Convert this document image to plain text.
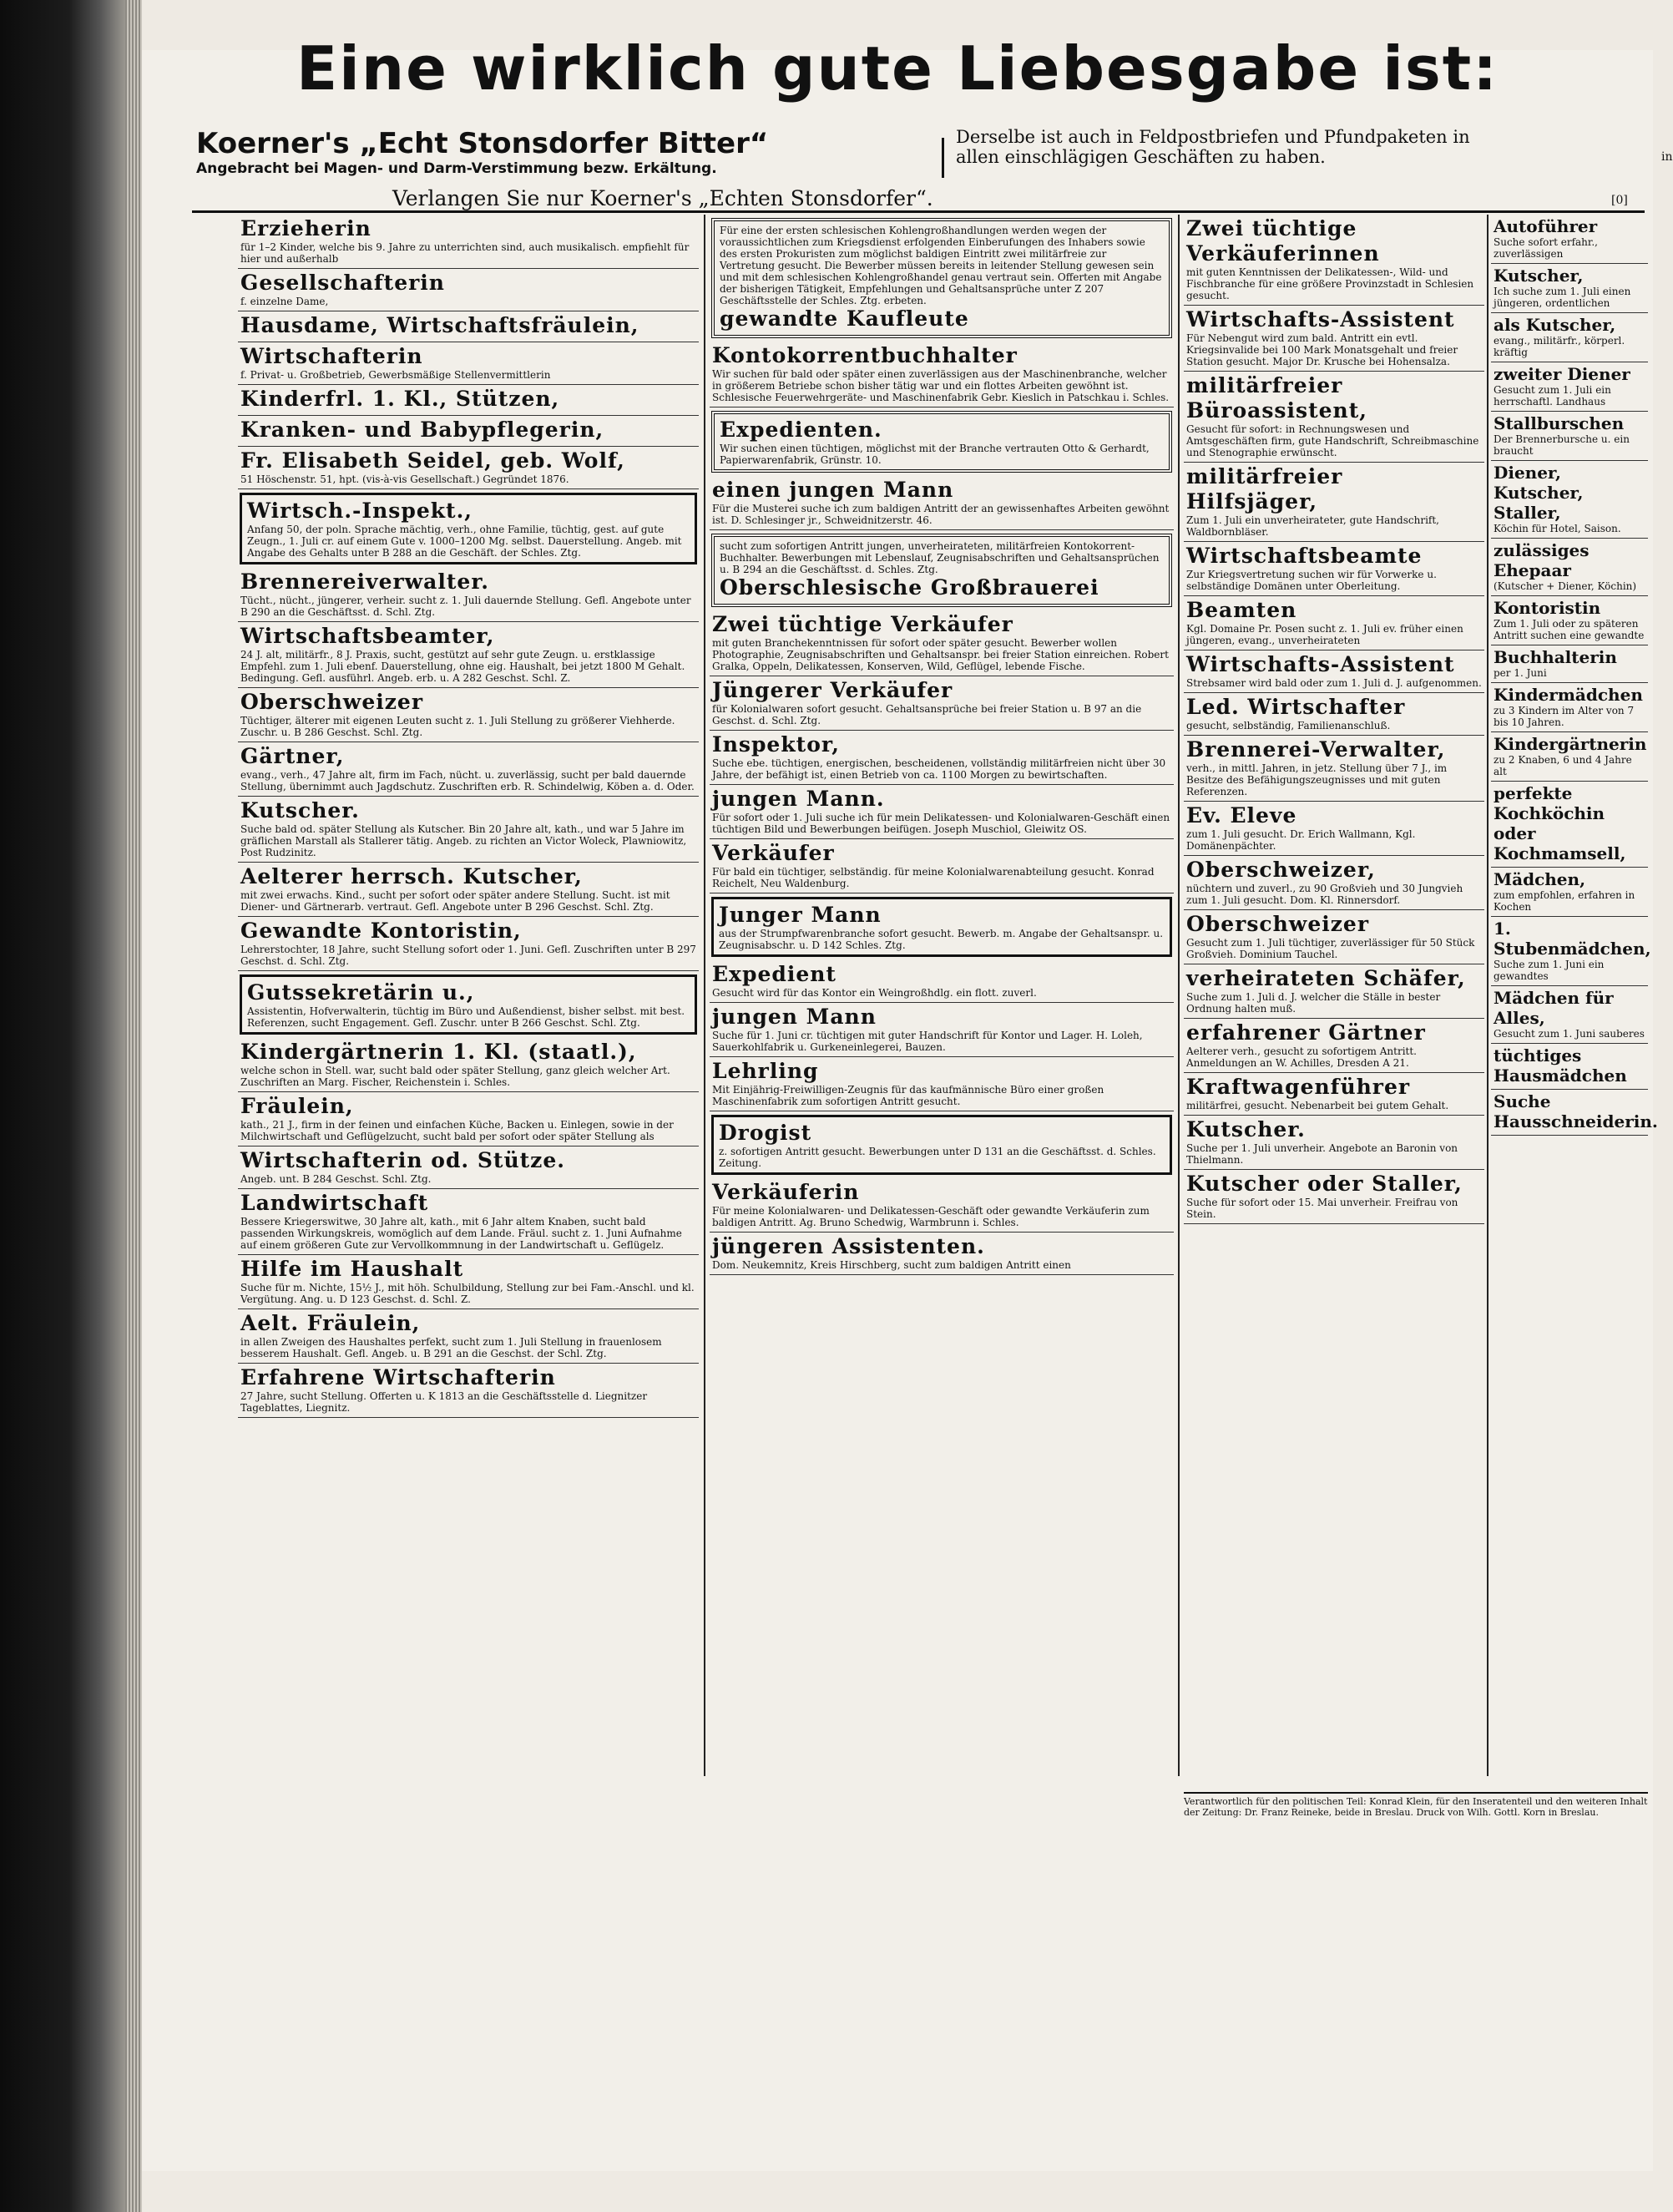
Eine wirklich gute Liebesgabe ist:
Koerner's „Echt Stonsdorfer Bitter“
Angebracht bei Magen- und Darm-Verstimmung bezw. Erkältung.
Derselbe ist auch in Feldpostbriefen und Pfundpaketen in
allen einschlägigen Geschäften zu haben.
Verlangen Sie nur Koerner's „Echten Stonsdorfer“.
in
[0]
Erzieherin
für 1–2 Kinder, welche bis 9. Jahre zu unterrichten sind, auch musikalisch. empfiehlt für hier und außerhalb
Gesellschafterin
f. einzelne Dame,
Hausdame, Wirtschaftsfräulein,
Wirtschafterin
f. Privat- u. Großbetrieb, Gewerbsmäßige Stellenvermittlerin
Kinderfrl. 1. Kl., Stützen,
Kranken- und Babypflegerin,
Fr. Elisabeth Seidel, geb. Wolf,
51 Höschenstr. 51, hpt. (vis-à-vis Gesellschaft.) Gegründet 1876.
Wirtsch.-Inspekt.,
Anfang 50, der poln. Sprache mächtig, verh., ohne Familie, tüchtig, gest. auf gute Zeugn., 1. Juli cr. auf einem Gute v. 1000–1200 Mg. selbst. Dauerstellung. Angeb. mit Angabe des Gehalts unter B 288 an die Geschäft. der Schles. Ztg.
Brennereiverwalter.
Tücht., nücht., jüngerer, verheir. sucht z. 1. Juli dauernde Stellung. Gefl. Angebote unter B 290 an die Geschäftsst. d. Schl. Ztg.
Wirtschaftsbeamter,
24 J. alt, militärfr., 8 J. Praxis, sucht, gestützt auf sehr gute Zeugn. u. erstklassige Empfehl. zum 1. Juli ebenf. Dauerstellung, ohne eig. Haushalt, bei jetzt 1800 M Gehalt. Bedingung. Gefl. ausführl. Angeb. erb. u. A 282 Geschst. Schl. Z.
Oberschweizer
Tüchtiger, älterer mit eigenen Leuten sucht z. 1. Juli Stellung zu größerer Viehherde. Zuschr. u. B 286 Geschst. Schl. Ztg.
Gärtner,
evang., verh., 47 Jahre alt, firm im Fach, nücht. u. zuverlässig, sucht per bald dauernde Stellung, übernimmt auch Jagdschutz. Zuschriften erb. R. Schindelwig, Köben a. d. Oder.
Kutscher.
Suche bald od. später Stellung als Kutscher. Bin 20 Jahre alt, kath., und war 5 Jahre im gräflichen Marstall als Stallerer tätig. Angeb. zu richten an Victor Woleck, Plawniowitz, Post Rudzinitz.
Aelterer herrsch. Kutscher,
mit zwei erwachs. Kind., sucht per sofort oder später andere Stellung. Sucht. ist mit Diener- und Gärtnerarb. vertraut. Gefl. Angebote unter B 296 Geschst. Schl. Ztg.
Gewandte Kontoristin,
Lehrerstochter, 18 Jahre, sucht Stellung sofort oder 1. Juni. Gefl. Zuschriften unter B 297 Geschst. d. Schl. Ztg.
Gutssekretärin u.,
Assistentin, Hofverwalterin, tüchtig im Büro und Außendienst, bisher selbst. mit best. Referenzen, sucht Engagement. Gefl. Zuschr. unter B 266 Geschst. Schl. Ztg.
Kindergärtnerin 1. Kl. (staatl.),
welche schon in Stell. war, sucht bald oder später Stellung, ganz gleich welcher Art. Zuschriften an Marg. Fischer, Reichenstein i. Schles.
Fräulein,
kath., 21 J., firm in der feinen und einfachen Küche, Backen u. Einlegen, sowie in der Milchwirtschaft und Geflügelzucht, sucht bald per sofort oder später Stellung als
Wirtschafterin od. Stütze.
Angeb. unt. B 284 Geschst. Schl. Ztg.
Landwirtschaft
Bessere Kriegerswitwe, 30 Jahre alt, kath., mit 6 Jahr altem Knaben, sucht bald passenden Wirkungskreis, womöglich auf dem Lande. Fräul. sucht z. 1. Juni Aufnahme auf einem größeren Gute zur Vervollkommnung in der Landwirtschaft u. Geflügelz.
Hilfe im Haushalt
Suche für m. Nichte, 15½ J., mit höh. Schulbildung, Stellung zur bei Fam.-Anschl. und kl. Vergütung. Ang. u. D 123 Geschst. d. Schl. Z.
Aelt. Fräulein,
in allen Zweigen des Haushaltes perfekt, sucht zum 1. Juli Stellung in frauenlosem besserem Haushalt. Gefl. Angeb. u. B 291 an die Geschst. der Schl. Ztg.
Erfahrene Wirtschafterin
27 Jahre, sucht Stellung. Offerten u. K 1813 an die Geschäftsstelle d. Liegnitzer Tageblattes, Liegnitz.
Für eine der ersten schlesischen Kohlengroßhandlungen werden wegen der voraussichtlichen zum Kriegsdienst erfolgenden Einberufungen des Inhabers sowie des ersten Prokuristen zum möglichst baldigen Eintritt zwei militärfreie zur Vertretung gesucht. Die Bewerber müssen bereits in leitender Stellung gewesen sein und mit dem schlesischen Kohlengroßhandel genau vertraut sein. Offerten mit Angabe der bisherigen Tätigkeit, Empfehlungen und Gehaltsansprüche unter Z 207 Geschäftsstelle der Schles. Ztg. erbeten.
gewandte Kaufleute
Kontokorrentbuchhalter
Wir suchen für bald oder später einen zuverlässigen aus der Maschinenbranche, welcher in größerem Betriebe schon bisher tätig war und ein flottes Arbeiten gewöhnt ist. Schlesische Feuerwehrgeräte- und Maschinenfabrik Gebr. Kieslich in Patschkau i. Schles.
Expedienten.
Wir suchen einen tüchtigen, möglichst mit der Branche vertrauten Otto & Gerhardt, Papierwarenfabrik, Grünstr. 10.
einen jungen Mann
Für die Musterei suche ich zum baldigen Antritt der an gewissenhaftes Arbeiten gewöhnt ist. D. Schlesinger jr., Schweidnitzerstr. 46.
sucht zum sofortigen Antritt jungen, unverheirateten, militärfreien Kontokorrent-Buchhalter. Bewerbungen mit Lebenslauf, Zeugnisabschriften und Gehaltsansprüchen u. B 294 an die Geschäftsst. d. Schles. Ztg.
Oberschlesische Großbrauerei
Zwei tüchtige Verkäufer
mit guten Branchekenntnissen für sofort oder später gesucht. Bewerber wollen Photographie, Zeugnisabschriften und Gehaltsanspr. bei freier Station einreichen. Robert Gralka, Oppeln, Delikatessen, Konserven, Wild, Geflügel, lebende Fische.
Jüngerer Verkäufer
für Kolonialwaren sofort gesucht. Gehaltsansprüche bei freier Station u. B 97 an die Geschst. d. Schl. Ztg.
Inspektor,
Suche ebe. tüchtigen, energischen, bescheidenen, vollständig militärfreien nicht über 30 Jahre, der befähigt ist, einen Betrieb von ca. 1100 Morgen zu bewirtschaften.
jungen Mann.
Für sofort oder 1. Juli suche ich für mein Delikatessen- und Kolonialwaren-Geschäft einen tüchtigen Bild und Bewerbungen beifügen. Joseph Muschiol, Gleiwitz OS.
Verkäufer
Für bald ein tüchtiger, selbständig. für meine Kolonialwarenabteilung gesucht. Konrad Reichelt, Neu Waldenburg.
Junger Mann
aus der Strumpfwarenbranche sofort gesucht. Bewerb. m. Angabe der Gehaltsanspr. u. Zeugnisabschr. u. D 142 Schles. Ztg.
Expedient
Gesucht wird für das Kontor ein Weingroßhdlg. ein flott. zuverl.
jungen Mann
Suche für 1. Juni cr. tüchtigen mit guter Handschrift für Kontor und Lager. H. Loleh, Sauerkohlfabrik u. Gurkeneinlegerei, Bauzen.
Lehrling
Mit Einjährig-Freiwilligen-Zeugnis für das kaufmännische Büro einer großen Maschinenfabrik zum sofortigen Antritt gesucht.
Drogist
z. sofortigen Antritt gesucht. Bewerbungen unter D 131 an die Geschäftsst. d. Schles. Zeitung.
Verkäuferin
Für meine Kolonialwaren- und Delikatessen-Geschäft oder gewandte Verkäuferin zum baldigen Antritt. Ag. Bruno Schedwig, Warmbrunn i. Schles.
jüngeren Assistenten.
Dom. Neukemnitz, Kreis Hirschberg, sucht zum baldigen Antritt einen
Zwei tüchtige Verkäuferinnen
mit guten Kenntnissen der Delikatessen-, Wild- und Fischbranche für eine größere Provinzstadt in Schlesien gesucht.
Wirtschafts-Assistent
Für Nebengut wird zum bald. Antritt ein evtl. Kriegsinvalide bei 100 Mark Monatsgehalt und freier Station gesucht. Major Dr. Krusche bei Hohensalza.
militärfreier Büroassistent,
Gesucht für sofort: in Rechnungswesen und Amtsgeschäften firm, gute Handschrift, Schreibmaschine und Stenographie erwünscht.
militärfreier Hilfsjäger,
Zum 1. Juli ein unverheirateter, gute Handschrift, Waldbornbläser.
Wirtschaftsbeamte
Zur Kriegsvertretung suchen wir für Vorwerke u. selbständige Domänen unter Oberleitung.
Beamten
Kgl. Domaine Pr. Posen sucht z. 1. Juli ev. früher einen jüngeren, evang., unverheirateten
Wirtschafts-Assistent
Strebsamer wird bald oder zum 1. Juli d. J. aufgenommen.
Led. Wirtschafter
gesucht, selbständig, Familienanschluß.
Brennerei-Verwalter,
verh., in mittl. Jahren, in jetz. Stellung über 7 J., im Besitze des Befähigungszeugnisses und mit guten Referenzen.
Ev. Eleve
zum 1. Juli gesucht. Dr. Erich Wallmann, Kgl. Domänenpächter.
Oberschweizer,
nüchtern und zuverl., zu 90 Großvieh und 30 Jungvieh zum 1. Juli gesucht. Dom. Kl. Rinnersdorf.
Oberschweizer
Gesucht zum 1. Juli tüchtiger, zuverlässiger für 50 Stück Großvieh. Dominium Tauchel.
verheirateten Schäfer,
Suche zum 1. Juli d. J. welcher die Ställe in bester Ordnung halten muß.
erfahrener Gärtner
Aelterer verh., gesucht zu sofortigem Antritt. Anmeldungen an W. Achilles, Dresden A 21.
Kraftwagenführer
militärfrei, gesucht. Nebenarbeit bei gutem Gehalt.
Kutscher.
Suche per 1. Juli unverheir. Angebote an Baronin von Thielmann.
Kutscher oder Staller,
Suche für sofort oder 15. Mai unverheir. Freifrau von Stein.
Autoführer
Suche sofort erfahr., zuverlässigen
Kutscher,
Ich suche zum 1. Juli einen jüngeren, ordentlichen
als Kutscher,
evang., militärfr., körperl. kräftig
zweiter Diener
Gesucht zum 1. Juli ein herrschaftl. Landhaus
Stallburschen
Der Brennerbursche u. ein braucht
Diener, Kutscher, Staller,
Köchin für Hotel, Saison.
zulässiges Ehepaar
(Kutscher + Diener, Köchin)
Kontoristin
Zum 1. Juli oder zu späteren Antritt suchen eine gewandte
Buchhalterin
per 1. Juni
Kindermädchen
zu 3 Kindern im Alter von 7 bis 10 Jahren.
Kindergärtnerin
zu 2 Knaben, 6 und 4 Jahre alt
perfekte Kochköchin oder Kochmamsell,
Mädchen,
zum empfohlen, erfahren in Kochen
1. Stubenmädchen,
Suche zum 1. Juni ein gewandtes
Mädchen für Alles,
Gesucht zum 1. Juni sauberes
tüchtiges Hausmädchen
Suche Hausschneiderin.
Verantwortlich für den politischen Teil: Konrad Klein, für den Inseratenteil und den weiteren Inhalt der Zeitung: Dr. Franz Reineke, beide in Breslau. Druck von Wilh. Gottl. Korn in Breslau.
